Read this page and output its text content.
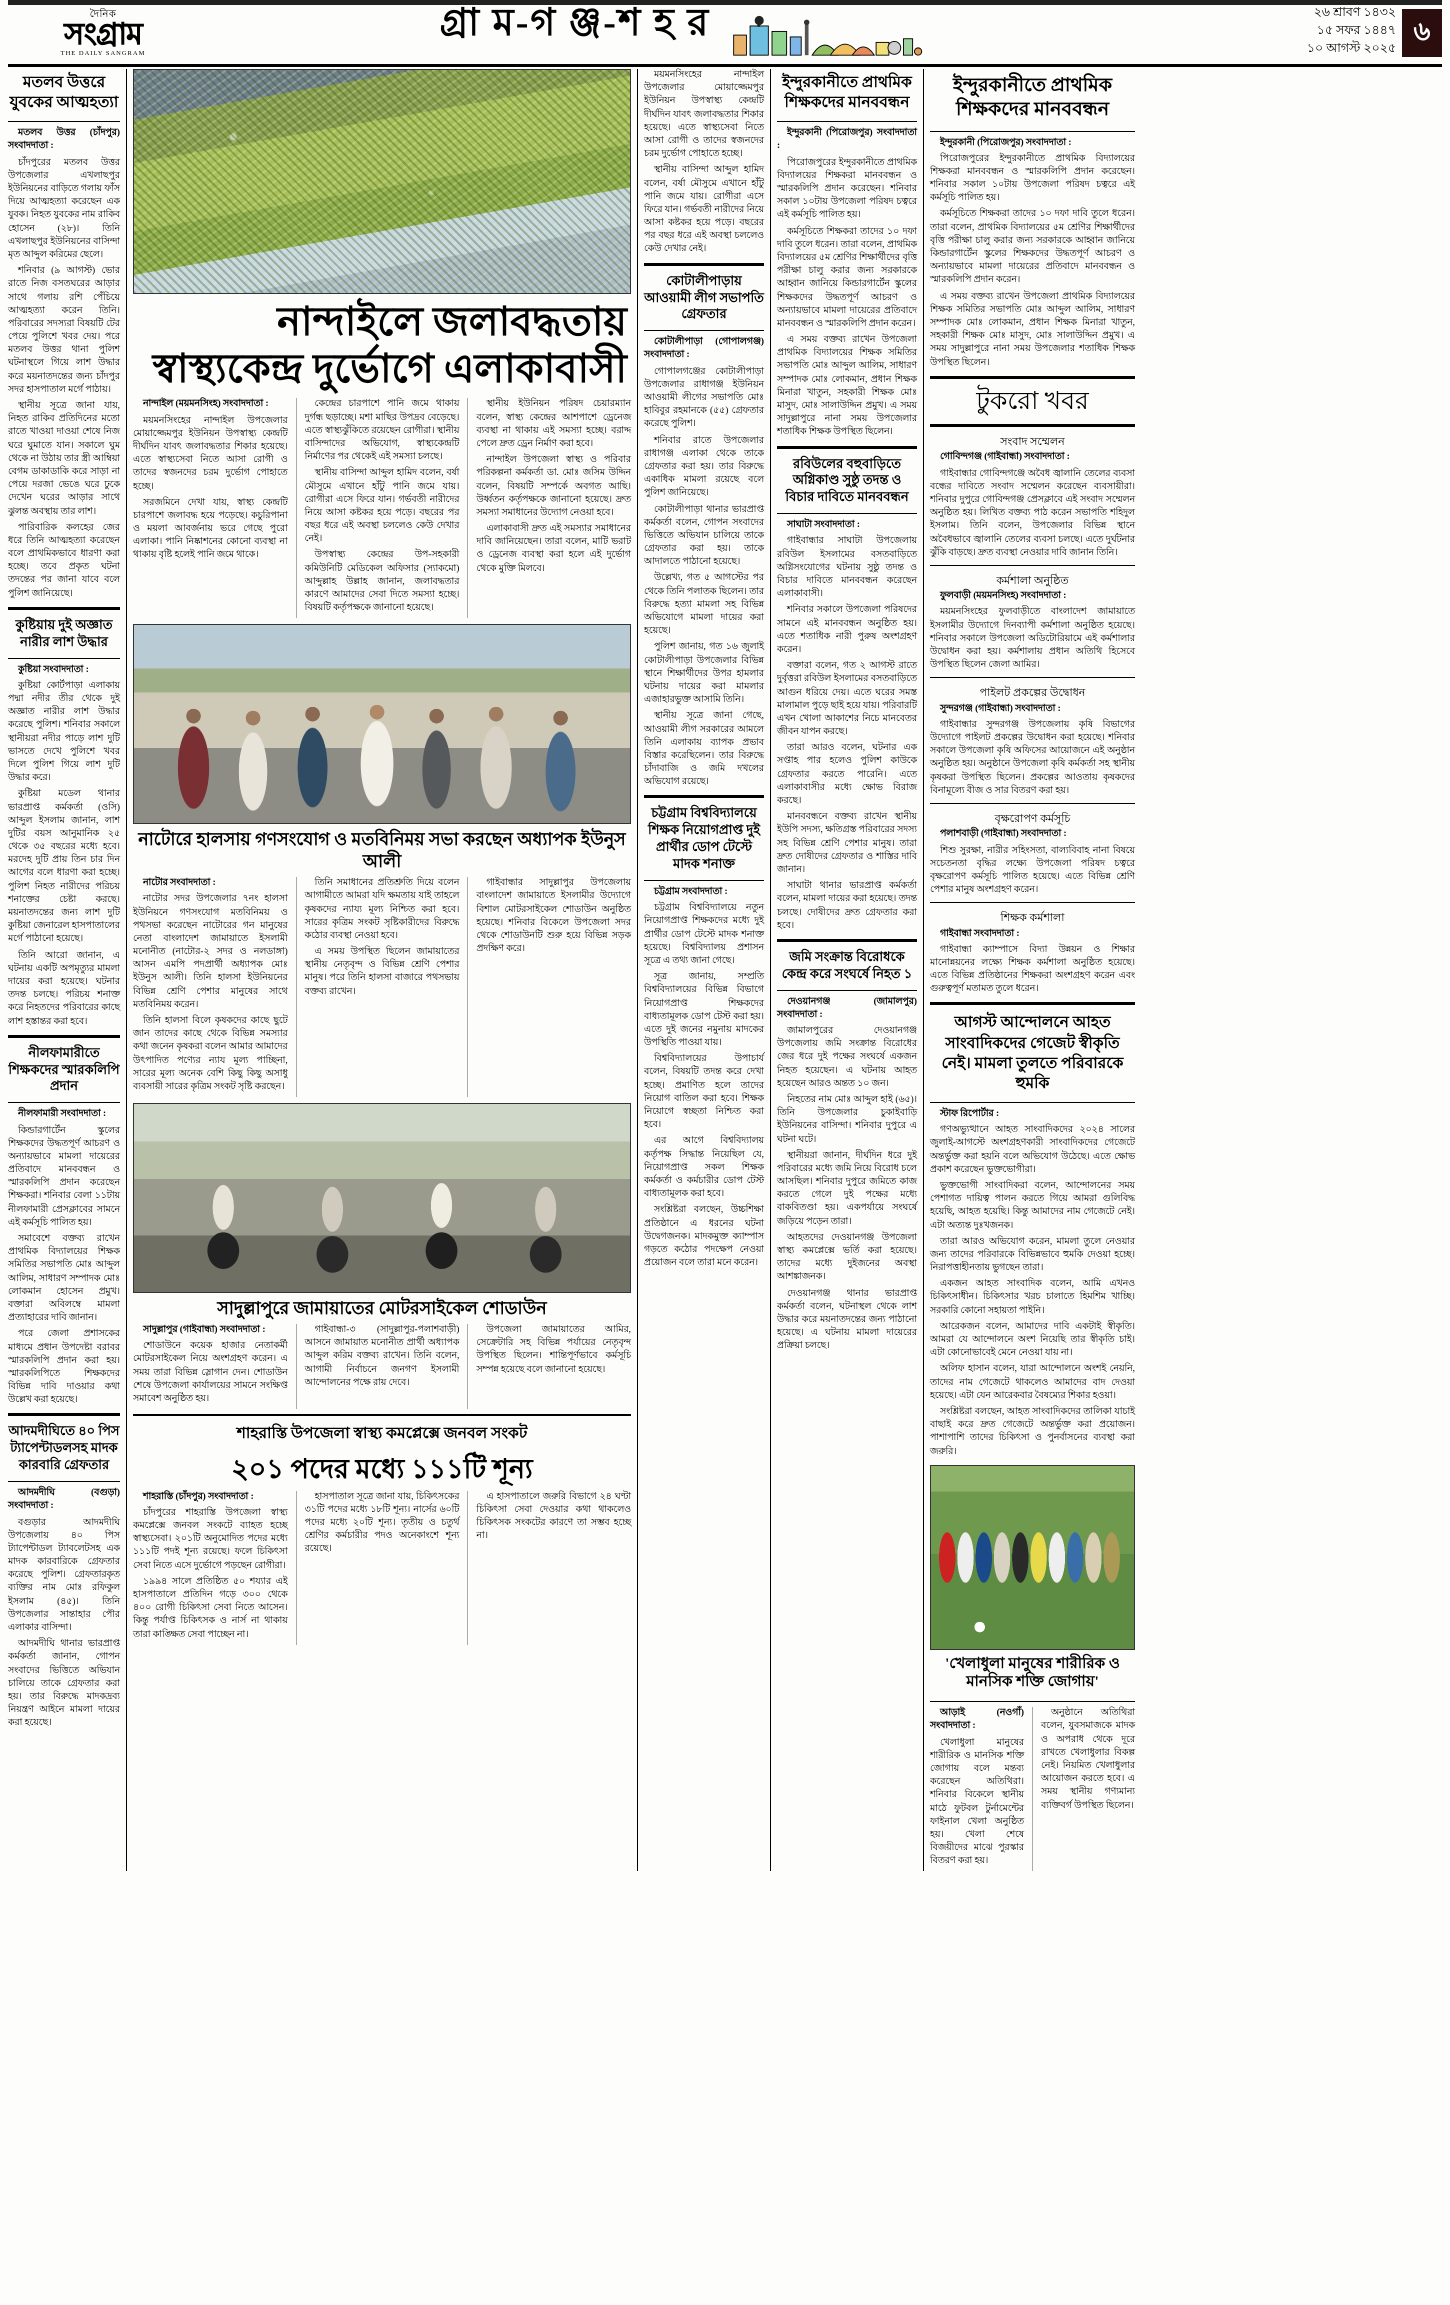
দৈনিক
সংগ্রাম
THE DAILY SANGRAM
গ্রা ম-গ ঞ্জ-শ হ র	২৬ শ্রাবণ ১৪৩২
১৫ সফর ১৪৪৭
১০ আগস্ট ২০২৫
৬
মতলব উত্তরে যুবকের আত্মহত্যা

মতলব উত্তর (চাঁদপুর) সংবাদদাতা :

চাঁদপুরের মতলব উত্তর উপজেলার এখলাছপুর ইউনিয়নের বাড়িতে গলায় ফাঁস দিয়ে আত্মহত্যা করেছেন এক যুবক। নিহত যুবকের নাম রাকিব হোসেন (২৮)। তিনি এখলাছপুর ইউনিয়নের বাসিন্দা মৃত আব্দুল করিমের ছেলে।

শনিবার (৯ আগস্ট) ভোর রাতে নিজ বসতঘরের আড়ার সাথে গলায় রশি পেঁচিয়ে আত্মহত্যা করেন তিনি। পরিবারের সদস্যরা বিষয়টি টের পেয়ে পুলিশে খবর দেয়। পরে মতলব উত্তর থানা পুলিশ ঘটনাস্থলে গিয়ে লাশ উদ্ধার করে ময়নাতদন্তের জন্য চাঁদপুর সদর হাসপাতাল মর্গে পাঠায়।

স্থানীয় সূত্রে জানা যায়, নিহত রাকিব প্রতিদিনের মতো রাতে খাওয়া দাওয়া শেষে নিজ ঘরে ঘুমাতে যান। সকালে ঘুম থেকে না উঠায় তার স্ত্রী আম্বিয়া বেগম ডাকাডাকি করে সাড়া না পেয়ে দরজা ভেঙে ঘরে ঢুকে দেখেন ঘরের আড়ার সাথে ঝুলন্ত অবস্থায় তার লাশ।

পারিবারিক কলহের জের ধরে তিনি আত্মহত্যা করেছেন বলে প্রাথমিকভাবে ধারণা করা হচ্ছে। তবে প্রকৃত ঘটনা তদন্তের পর জানা যাবে বলে পুলিশ জানিয়েছে।

কুষ্টিয়ায় দুই অজ্ঞাত নারীর লাশ উদ্ধার

কুষ্টিয়া সংবাদদাতা :

কুষ্টিয়া কোর্টপাড়া এলাকায় পদ্মা নদীর তীর থেকে দুই অজ্ঞাত নারীর লাশ উদ্ধার করেছে পুলিশ। শনিবার সকালে স্থানীয়রা নদীর পাড়ে লাশ দুটি ভাসতে দেখে পুলিশে খবর দিলে পুলিশ গিয়ে লাশ দুটি উদ্ধার করে।

কুষ্টিয়া মডেল থানার ভারপ্রাপ্ত কর্মকর্তা (ওসি) আব্দুল ইসলাম জানান, লাশ দুটির বয়স আনুমানিক ২৫ থেকে ৩৫ বছরের মধ্যে হবে। মরদেহ দুটি প্রায় তিন চার দিন আগের বলে ধারণা করা হচ্ছে। পুলিশ নিহত নারীদের পরিচয় শনাক্তের চেষ্টা করছে। ময়নাতদন্তের জন্য লাশ দুটি কুষ্টিয়া জেনারেল হাসপাতালের মর্গে পাঠানো হয়েছে।

তিনি আরো জানান, এ ঘটনায় একটি অপমৃত্যুর মামলা দায়ের করা হয়েছে। ঘটনার তদন্ত চলছে। পরিচয় শনাক্ত করে নিহতদের পরিবারের কাছে লাশ হস্তান্তর করা হবে।

নীলফামারীতে শিক্ষকদের স্মারকলিপি প্রদান

নীলফামারী সংবাদদাতা :

কিন্ডারগার্টেন স্কুলের শিক্ষকদের উদ্ধতপূর্ণ আচরণ ও অন্যায়ভাবে মামলা দায়েরের প্রতিবাদে মানববন্ধন ও স্মারকলিপি প্রদান করেছেন শিক্ষকরা। শনিবার বেলা ১১টায় নীলফামারী প্রেসক্লাবের সামনে এই কর্মসূচি পালিত হয়।

সমাবেশে বক্তব্য রাখেন প্রাথমিক বিদ্যালয়ের শিক্ষক সমিতির সভাপতি মোঃ আব্দুল আলিম, সাধারণ সম্পাদক মোঃ লোকমান হোসেন প্রমুখ। বক্তারা অবিলম্বে মামলা প্রত্যাহারের দাবি জানান।

পরে জেলা প্রশাসকের মাধ্যমে প্রধান উপদেষ্টা বরাবর স্মারকলিপি প্রদান করা হয়। স্মারকলিপিতে শিক্ষকদের বিভিন্ন দাবি দাওয়ার কথা উল্লেখ করা হয়েছে।

আদমদীঘিতে ৪০ পিস ট্যাপেন্টাডলসহ মাদক কারবারি গ্রেফতার

আদমদীঘি (বগুড়া) সংবাদদাতা :

বগুড়ার আদমদীঘি উপজেলায় ৪০ পিস ট্যাপেন্টাডল ট্যাবলেটসহ এক মাদক কারবারিকে গ্রেফতার করেছে পুলিশ। গ্রেফতারকৃত ব্যক্তির নাম মোঃ রফিকুল ইসলাম (৪৫)। তিনি উপজেলার সান্তাহার পৌর এলাকার বাসিন্দা।

আদমদীঘি থানার ভারপ্রাপ্ত কর্মকর্তা জানান, গোপন সংবাদের ভিত্তিতে অভিযান চালিয়ে তাকে গ্রেফতার করা হয়। তার বিরুদ্ধে মাদকদ্রব্য নিয়ন্ত্রণ আইনে মামলা দায়ের করা হয়েছে।

নান্দাইলে জলাবদ্ধতায় স্বাস্থ্যকেন্দ্র দুর্ভোগে এলাকাবাসী

নান্দাইল (ময়মনসিংহ) সংবাদদাতা :

ময়মনসিংহের নান্দাইল উপজেলার মোয়াজ্জেমপুর ইউনিয়ন উপস্বাস্থ্য কেন্দ্রটি দীর্ঘদিন যাবৎ জলাবদ্ধতার শিকার হয়েছে। এতে স্বাস্থ্যসেবা নিতে আসা রোগী ও তাদের স্বজনদের চরম দুর্ভোগ পোহাতে হচ্ছে।

সরজমিনে দেখা যায়, স্বাস্থ্য কেন্দ্রটি চারপাশে জলাবদ্ধ হয়ে পড়েছে। কচুরিপানা ও ময়লা আবর্জনায় ভরে গেছে পুরো এলাকা। পানি নিষ্কাশনের কোনো ব্যবস্থা না থাকায় বৃষ্টি হলেই পানি জমে থাকে।

কেন্দ্রের চারপাশে পানি জমে থাকায় দুর্গন্ধ ছড়াচ্ছে। মশা মাছির উপদ্রব বেড়েছে। এতে স্বাস্থ্যঝুঁকিতে রয়েছেন রোগীরা। স্থানীয় বাসিন্দাদের অভিযোগ, স্বাস্থ্যকেন্দ্রটি নির্মাণের পর থেকেই এই সমস্যা চলছে।

স্থানীয় বাসিন্দা আব্দুল হামিদ বলেন, বর্ষা মৌসুমে এখানে হাঁটু পানি জমে যায়। রোগীরা এসে ফিরে যান। গর্ভবতী নারীদের নিয়ে আসা কষ্টকর হয়ে পড়ে। বছরের পর বছর ধরে এই অবস্থা চললেও কেউ দেখার নেই।

উপস্বাস্থ্য কেন্দ্রের উপ-সহকারী কমিউনিটি মেডিকেল অফিসার (স্যাকমো) আব্দুল্লাহ উল্লাহ জানান, জলাবদ্ধতার কারণে আমাদের সেবা দিতে সমস্যা হচ্ছে। বিষয়টি কর্তৃপক্ষকে জানানো হয়েছে।

স্থানীয় ইউনিয়ন পরিষদ চেয়ারম্যান বলেন, স্বাস্থ্য কেন্দ্রের আশপাশে ড্রেনেজ ব্যবস্থা না থাকায় এই সমস্যা হচ্ছে। বরাদ্দ পেলে দ্রুত ড্রেন নির্মাণ করা হবে।

নান্দাইল উপজেলা স্বাস্থ্য ও পরিবার পরিকল্পনা কর্মকর্তা ডা. মোঃ জসিম উদ্দিন বলেন, বিষয়টি সম্পর্কে অবগত আছি। উর্ধ্বতন কর্তৃপক্ষকে জানানো হয়েছে। দ্রুত সমস্যা সমাধানের উদ্যোগ নেওয়া হবে।

এলাকাবাসী দ্রুত এই সমস্যার সমাধানের দাবি জানিয়েছেন। তারা বলেন, মাটি ভরাট ও ড্রেনেজ ব্যবস্থা করা হলে এই দুর্ভোগ থেকে মুক্তি মিলবে।

নাটোরে হালসায় গণসংযোগ ও মতবিনিময় সভা করছেন অধ্যাপক ইউনুস আলী

নাটোর সংবাদদাতা :

নাটোর সদর উপজেলার ৭নং হালসা ইউনিয়নে গণসংযোগ মতবিনিময় ও পথসভা করেছেন নাটোরের গন মানুষের নেতা বাংলাদেশ জামায়াতে ইসলামী মনোনীত (নাটোর-২ সদর ও নলডাঙ্গা) আসন এমপি পদপ্রার্থী অধ্যাপক মোঃ ইউনুস আলী। তিনি হালসা ইউনিয়নের বিভিন্ন শ্রেণি পেশার মানুষের সাথে মতবিনিময় করেন।

তিনি হালসা বিলে কৃষকদের কাছে ছুটে জান তাদের কাছে থেকে বিভিন্ন সমস্যার কথা জনেন কৃষকরা বলেন আমার আমাদের উৎপাদিত পণ্যের ন্যায মূল্য পাচ্ছিনা, সারের মূল্য অনেক বেশি কিছু কিছু অসাধু ব্যবসায়ী সারের কৃত্রিম সংকট সৃষ্টি করছেন।

তিনি সমাধানের প্রতিশ্রুতি দিয়ে বলেন আগামীতে আমরা যদি ক্ষমতায় যাই তাহলে কৃষকদের ন্যায্য মূল্য নিশ্চিত করা হবে। সারের কৃত্রিম সংকট সৃষ্টিকারীদের বিরুদ্ধে কঠোর ব্যবস্থা নেওয়া হবে।

এ সময় উপস্থিত ছিলেন জামায়াতের স্থানীয় নেতৃবৃন্দ ও বিভিন্ন শ্রেণি পেশার মানুষ। পরে তিনি হালসা বাজারে পথসভায় বক্তব্য রাখেন।

গাইবান্ধার সাদুল্লাপুর উপজেলায় বাংলাদেশ জামায়াতে ইসলামীর উদ্যোগে বিশাল মোটরসাইকেল শোডাউন অনুষ্ঠিত হয়েছে। শনিবার বিকেলে উপজেলা সদর থেকে শোডাউনটি শুরু হয়ে বিভিন্ন সড়ক প্রদক্ষিণ করে।

সাদুল্লাপুরে জামায়াতের মোটরসাইকেল শোডাউন

সাদুল্লাপুর (গাইবান্ধা) সংবাদদাতা :

শোডাউনে কয়েক হাজার নেতাকর্মী মোটরসাইকেল নিয়ে অংশগ্রহণ করেন। এ সময় তারা বিভিন্ন স্লোগান দেন। শোডাউন শেষে উপজেলা কার্যালয়ের সামনে সংক্ষিপ্ত সমাবেশ অনুষ্ঠিত হয়।

গাইবান্ধা-৩ (সাদুল্লাপুর-পলাশবাড়ী) আসনে জামায়াত মনোনীত প্রার্থী অধ্যাপক আব্দুল করিম বক্তব্য রাখেন। তিনি বলেন, আগামী নির্বাচনে জনগণ ইসলামী আন্দোলনের পক্ষে রায় দেবে।

উপজেলা জামায়াতের আমির, সেক্রেটারি সহ বিভিন্ন পর্যায়ের নেতৃবৃন্দ উপস্থিত ছিলেন। শান্তিপূর্ণভাবে কর্মসূচি সম্পন্ন হয়েছে বলে জানানো হয়েছে।

শাহরাস্তি উপজেলা স্বাস্থ্য কমপ্লেক্সে জনবল সংকট
২০১ পদের মধ্যে ১১১টি শূন্য

শাহরাস্তি (চাঁদপুর) সংবাদদাতা :

চাঁদপুরের শাহরাস্তি উপজেলা স্বাস্থ্য কমপ্লেক্সে জনবল সংকটে ব্যাহত হচ্ছে স্বাস্থ্যসেবা। ২০১টি অনুমোদিত পদের মধ্যে ১১১টি পদই শূন্য রয়েছে। ফলে চিকিৎসা সেবা নিতে এসে দুর্ভোগে পড়ছেন রোগীরা।

১৯৯৪ সালে প্রতিষ্ঠিত ৫০ শয্যার এই হাসপাতালে প্রতিদিন গড়ে ৩০০ থেকে ৪০০ রোগী চিকিৎসা সেবা নিতে আসেন। কিন্তু পর্যাপ্ত চিকিৎসক ও নার্স না থাকায় তারা কাঙ্ক্ষিত সেবা পাচ্ছেন না।

হাসপাতাল সূত্রে জানা যায়, চিকিৎসকের ৩১টি পদের মধ্যে ১৮টি শূন্য। নার্সের ৬০টি পদের মধ্যে ২০টি শূন্য। তৃতীয় ও চতুর্থ শ্রেণির কর্মচারীর পদও অনেকাংশে শূন্য রয়েছে।

এ হাসপাতালে জরুরি বিভাগে ২৪ ঘণ্টা চিকিৎসা সেবা দেওয়ার কথা থাকলেও চিকিৎসক সংকটের কারণে তা সম্ভব হচ্ছে না।

ময়মনসিংহের নান্দাইল উপজেলার মোয়াজ্জেমপুর ইউনিয়ন উপস্বাস্থ্য কেন্দ্রটি দীর্ঘদিন যাবৎ জলাবদ্ধতার শিকার হয়েছে। এতে স্বাস্থ্যসেবা নিতে আসা রোগী ও তাদের স্বজনদের চরম দুর্ভোগ পোহাতে হচ্ছে।

স্থানীয় বাসিন্দা আব্দুল হামিদ বলেন, বর্ষা মৌসুমে এখানে হাঁটু পানি জমে যায়। রোগীরা এসে ফিরে যান। গর্ভবতী নারীদের নিয়ে আসা কষ্টকর হয়ে পড়ে। বছরের পর বছর ধরে এই অবস্থা চললেও কেউ দেখার নেই।

কোটালীপাড়ায় আওয়ামী লীগ সভাপতি গ্রেফতার

কোটালীপাড়া (গোপালগঞ্জ) সংবাদদাতা :

গোপালগঞ্জের কোটালীপাড়া উপজেলার রাধাগঞ্জ ইউনিয়ন আওয়ামী লীগের সভাপতি মোঃ হাবিবুর রহমানকে (৫৫) গ্রেফতার করেছে পুলিশ।

শনিবার রাতে উপজেলার রাধাগঞ্জ এলাকা থেকে তাকে গ্রেফতার করা হয়। তার বিরুদ্ধে একাধিক মামলা রয়েছে বলে পুলিশ জানিয়েছে।

কোটালীপাড়া থানার ভারপ্রাপ্ত কর্মকর্তা বলেন, গোপন সংবাদের ভিত্তিতে অভিযান চালিয়ে তাকে গ্রেফতার করা হয়। তাকে আদালতে পাঠানো হয়েছে।

উল্লেখ্য, গত ৫ আগস্টের পর থেকে তিনি পলাতক ছিলেন। তার বিরুদ্ধে হত্যা মামলা সহ বিভিন্ন অভিযোগে মামলা দায়ের করা হয়েছে।

পুলিশ জানায়, গত ১৬ জুলাই কোটালীপাড়া উপজেলার বিভিন্ন স্থানে শিক্ষার্থীদের উপর হামলার ঘটনায় দায়ের করা মামলার এজাহারভুক্ত আসামি তিনি।

স্থানীয় সূত্রে জানা গেছে, আওয়ামী লীগ সরকারের আমলে তিনি এলাকায় ব্যাপক প্রভাব বিস্তার করেছিলেন। তার বিরুদ্ধে চাঁদাবাজি ও জমি দখলের অভিযোগ রয়েছে।

চট্টগ্রাম বিশ্ববিদ্যালয়ে শিক্ষক নিয়োগপ্রাপ্ত দুই প্রার্থীর ডোপ টেস্টে মাদক শনাক্ত

চট্টগ্রাম সংবাদদাতা :

চট্টগ্রাম বিশ্ববিদ্যালয়ে নতুন নিয়োগপ্রাপ্ত শিক্ষকদের মধ্যে দুই প্রার্থীর ডোপ টেস্টে মাদক শনাক্ত হয়েছে। বিশ্ববিদ্যালয় প্রশাসন সূত্রে এ তথ্য জানা গেছে।

সূত্র জানায়, সম্প্রতি বিশ্ববিদ্যালয়ের বিভিন্ন বিভাগে নিয়োগপ্রাপ্ত শিক্ষকদের বাধ্যতামূলক ডোপ টেস্ট করা হয়। এতে দুই জনের নমুনায় মাদকের উপস্থিতি পাওয়া যায়।

বিশ্ববিদ্যালয়ের উপাচার্য বলেন, বিষয়টি তদন্ত করে দেখা হচ্ছে। প্রমাণিত হলে তাদের নিয়োগ বাতিল করা হবে। শিক্ষক নিয়োগে স্বচ্ছতা নিশ্চিত করা হবে।

এর আগে বিশ্ববিদ্যালয় কর্তৃপক্ষ সিদ্ধান্ত নিয়েছিল যে, নিয়োগপ্রাপ্ত সকল শিক্ষক কর্মকর্তা ও কর্মচারীর ডোপ টেস্ট বাধ্যতামূলক করা হবে।

সংশ্লিষ্টরা বলছেন, উচ্চশিক্ষা প্রতিষ্ঠানে এ ধরনের ঘটনা উদ্বেগজনক। মাদকমুক্ত ক্যাম্পাস গড়তে কঠোর পদক্ষেপ নেওয়া প্রয়োজন বলে তারা মনে করেন।

ইন্দুরকানীতে প্রাথমিক শিক্ষকদের মানববন্ধন

ইন্দুরকানী (পিরোজপুর) সংবাদদাতা :

পিরোজপুরের ইন্দুরকানীতে প্রাথমিক বিদ্যালয়ের শিক্ষকরা মানববন্ধন ও স্মারকলিপি প্রদান করেছেন। শনিবার সকাল ১০টায় উপজেলা পরিষদ চত্বরে এই কর্মসূচি পালিত হয়।

কর্মসূচিতে শিক্ষকরা তাদের ১০ দফা দাবি তুলে ধরেন। তারা বলেন, প্রাথমিক বিদ্যালয়ের ৫ম শ্রেণির শিক্ষার্থীদের বৃত্তি পরীক্ষা চালু করার জন্য সরকারকে আহ্বান জানিয়ে কিন্ডারগার্টেন স্কুলের শিক্ষকদের উদ্ধতপূর্ণ আচরণ ও অন্যায়ভাবে মামলা দায়েরের প্রতিবাদে মানববন্ধন ও স্মারকলিপি প্রদান করেন।

এ সময় বক্তব্য রাখেন উপজেলা প্রাথমিক বিদ্যালয়ের শিক্ষক সমিতির সভাপতি মোঃ আব্দুল আলিম, সাধারণ সম্পাদক মোঃ লোকমান, প্রধান শিক্ষক মিনারা খাতুন, সহকারী শিক্ষক মোঃ মাসুদ, মোঃ সালাউদ্দিন প্রমুখ। এ সময় সাদুল্লাপুরে নানা সময় উপজেলার শতাধিক শিক্ষক উপস্থিত ছিলেন।

রবিউলের বহুবাড়িতে অগ্নিকাণ্ড সুষ্ঠু তদন্ত ও বিচার দাবিতে মানববন্ধন

সাঘাটা সংবাদদাতা :

গাইবান্ধার সাঘাটা উপজেলায় রবিউল ইসলামের বসতবাড়িতে অগ্নিসংযোগের ঘটনায় সুষ্ঠু তদন্ত ও বিচার দাবিতে মানববন্ধন করেছেন এলাকাবাসী।

শনিবার সকালে উপজেলা পরিষদের সামনে এই মানববন্ধন অনুষ্ঠিত হয়। এতে শতাধিক নারী পুরুষ অংশগ্রহণ করেন।

বক্তারা বলেন, গত ২ আগস্ট রাতে দুর্বৃত্তরা রবিউল ইসলামের বসতবাড়িতে আগুন ধরিয়ে দেয়। এতে ঘরের সমস্ত মালামাল পুড়ে ছাই হয়ে যায়। পরিবারটি এখন খোলা আকাশের নিচে মানবেতর জীবন যাপন করছে।

তারা আরও বলেন, ঘটনার এক সপ্তাহ পার হলেও পুলিশ কাউকে গ্রেফতার করতে পারেনি। এতে এলাকাবাসীর মধ্যে ক্ষোভ বিরাজ করছে।

মানববন্ধনে বক্তব্য রাখেন স্থানীয় ইউপি সদস্য, ক্ষতিগ্রস্ত পরিবারের সদস্য সহ বিভিন্ন শ্রেণি পেশার মানুষ। তারা দ্রুত দোষীদের গ্রেফতার ও শাস্তির দাবি জানান।

সাঘাটা থানার ভারপ্রাপ্ত কর্মকর্তা বলেন, মামলা দায়ের করা হয়েছে। তদন্ত চলছে। দোষীদের দ্রুত গ্রেফতার করা হবে।

জমি সংক্রান্ত বিরোধকে কেন্দ্র করে সংঘর্ষে নিহত ১

দেওয়ানগঞ্জ (জামালপুর) সংবাদদাতা :

জামালপুরের দেওয়ানগঞ্জ উপজেলায় জমি সংক্রান্ত বিরোধের জের ধরে দুই পক্ষের সংঘর্ষে একজন নিহত হয়েছেন। এ ঘটনায় আহত হয়েছেন আরও অন্তত ১০ জন।

নিহতের নাম মোঃ আব্দুল হাই (৬৫)। তিনি উপজেলার চুকাইবাড়ি ইউনিয়নের বাসিন্দা। শনিবার দুপুরে এ ঘটনা ঘটে।

স্থানীয়রা জানান, দীর্ঘদিন ধরে দুই পরিবারের মধ্যে জমি নিয়ে বিরোধ চলে আসছিল। শনিবার দুপুরে জমিতে কাজ করতে গেলে দুই পক্ষের মধ্যে বাকবিতণ্ডা হয়। একপর্যায়ে সংঘর্ষে জড়িয়ে পড়েন তারা।

আহতদের দেওয়ানগঞ্জ উপজেলা স্বাস্থ্য কমপ্লেক্সে ভর্তি করা হয়েছে। তাদের মধ্যে দুইজনের অবস্থা আশঙ্কাজনক।

দেওয়ানগঞ্জ থানার ভারপ্রাপ্ত কর্মকর্তা বলেন, ঘটনাস্থল থেকে লাশ উদ্ধার করে ময়নাতদন্তের জন্য পাঠানো হয়েছে। এ ঘটনায় মামলা দায়েরের প্রক্রিয়া চলছে।

ইন্দুরকানীতে প্রাথমিক শিক্ষকদের মানববন্ধন

ইন্দুরকানী (পিরোজপুর) সংবাদদাতা :

পিরোজপুরের ইন্দুরকানীতে প্রাথমিক বিদ্যালয়ের শিক্ষকরা মানববন্ধন ও স্মারকলিপি প্রদান করেছেন। শনিবার সকাল ১০টায় উপজেলা পরিষদ চত্বরে এই কর্মসূচি পালিত হয়।

কর্মসূচিতে শিক্ষকরা তাদের ১০ দফা দাবি তুলে ধরেন। তারা বলেন, প্রাথমিক বিদ্যালয়ের ৫ম শ্রেণির শিক্ষার্থীদের বৃত্তি পরীক্ষা চালু করার জন্য সরকারকে আহ্বান জানিয়ে কিন্ডারগার্টেন স্কুলের শিক্ষকদের উদ্ধতপূর্ণ আচরণ ও অন্যায়ভাবে মামলা দায়েরের প্রতিবাদে মানববন্ধন ও স্মারকলিপি প্রদান করেন।

এ সময় বক্তব্য রাখেন উপজেলা প্রাথমিক বিদ্যালয়ের শিক্ষক সমিতির সভাপতি মোঃ আব্দুল আলিম, সাধারণ সম্পাদক মোঃ লোকমান, প্রধান শিক্ষক মিনারা খাতুন, সহকারী শিক্ষক মোঃ মাসুদ, মোঃ সালাউদ্দিন প্রমুখ। এ সময় সাদুল্লাপুরে নানা সময় উপজেলার শতাধিক শিক্ষক উপস্থিত ছিলেন।

টুকরো খবর
সংবাদ সম্মেলন

গোবিন্দগঞ্জ (গাইবান্ধা) সংবাদদাতা :

গাইবান্ধার গোবিন্দগঞ্জে অবৈধ জ্বালানি তেলের ব্যবসা বন্ধের দাবিতে সংবাদ সম্মেলন করেছেন ব্যবসায়ীরা। শনিবার দুপুরে গোবিন্দগঞ্জ প্রেসক্লাবে এই সংবাদ সম্মেলন অনুষ্ঠিত হয়। লিখিত বক্তব্য পাঠ করেন সভাপতি শহিদুল ইসলাম। তিনি বলেন, উপজেলার বিভিন্ন স্থানে অবৈধভাবে জ্বালানি তেলের ব্যবসা চলছে। এতে দুর্ঘটনার ঝুঁকি বাড়ছে। দ্রুত ব্যবস্থা নেওয়ার দাবি জানান তিনি।

কর্মশালা অনুষ্ঠিত

ফুলবাড়ী (ময়মনসিংহ) সংবাদদাতা :

ময়মনসিংহের ফুলবাড়ীতে বাংলাদেশ জামায়াতে ইসলামীর উদ্যোগে দিনব্যাপী কর্মশালা অনুষ্ঠিত হয়েছে। শনিবার সকালে উপজেলা অডিটোরিয়ামে এই কর্মশালার উদ্বোধন করা হয়। কর্মশালায় প্রধান অতিথি হিসেবে উপস্থিত ছিলেন জেলা আমির।

পাইলট প্রকল্পের উদ্বোধন

সুন্দরগঞ্জ (গাইবান্ধা) সংবাদদাতা :

গাইবান্ধার সুন্দরগঞ্জ উপজেলায় কৃষি বিভাগের উদ্যোগে পাইলট প্রকল্পের উদ্বোধন করা হয়েছে। শনিবার সকালে উপজেলা কৃষি অফিসের আয়োজনে এই অনুষ্ঠান অনুষ্ঠিত হয়। অনুষ্ঠানে উপজেলা কৃষি কর্মকর্তা সহ স্থানীয় কৃষকরা উপস্থিত ছিলেন। প্রকল্পের আওতায় কৃষকদের বিনামূল্যে বীজ ও সার বিতরণ করা হয়।

বৃক্ষরোপণ কর্মসূচি

পলাশবাড়ী (গাইবান্ধা) সংবাদদাতা :

শিশু সুরক্ষা, নারীর সহিংসতা, বাল্যবিবাহ নানা বিষয়ে সচেতনতা বৃদ্ধির লক্ষ্যে উপজেলা পরিষদ চত্বরে বৃক্ষরোপণ কর্মসূচি পালিত হয়েছে। এতে বিভিন্ন শ্রেণি পেশার মানুষ অংশগ্রহণ করেন।

শিক্ষক কর্মশালা

গাইবান্ধা সংবাদদাতা :

গাইবান্ধা ক্যাম্পাসে বিদ্যা উন্নয়ন ও শিক্ষার মানোন্নয়নের লক্ষ্যে শিক্ষক কর্মশালা অনুষ্ঠিত হয়েছে। এতে বিভিন্ন প্রতিষ্ঠানের শিক্ষকরা অংশগ্রহণ করেন এবং গুরুত্বপূর্ণ মতামত তুলে ধরেন।

আগস্ট আন্দোলনে আহত সাংবাদিকদের গেজেট স্বীকৃতি নেই। মামলা তুলতে পরিবারকে হুমকি

স্টাফ রিপোর্টার :

গণঅভ্যুত্থানে আহত সাংবাদিকদের ২০২৪ সালের জুলাই-আগস্টে অংশগ্রহণকারী সাংবাদিকদের গেজেটে অন্তর্ভুক্ত করা হয়নি বলে অভিযোগ উঠেছে। এতে ক্ষোভ প্রকাশ করেছেন ভুক্তভোগীরা।

ভুক্তভোগী সাংবাদিকরা বলেন, আন্দোলনের সময় পেশাগত দায়িত্ব পালন করতে গিয়ে আমরা গুলিবিদ্ধ হয়েছি, আহত হয়েছি। কিন্তু আমাদের নাম গেজেটে নেই। এটা অত্যন্ত দুঃখজনক।

তারা আরও অভিযোগ করেন, মামলা তুলে নেওয়ার জন্য তাদের পরিবারকে বিভিন্নভাবে হুমকি দেওয়া হচ্ছে। নিরাপত্তাহীনতায় ভুগছেন তারা।

একজন আহত সাংবাদিক বলেন, আমি এখনও চিকিৎসাধীন। চিকিৎসার খরচ চালাতে হিমশিম খাচ্ছি। সরকারি কোনো সহায়তা পাইনি।

আরেকজন বলেন, আমাদের দাবি একটাই স্বীকৃতি। আমরা যে আন্দোলনে অংশ নিয়েছি তার স্বীকৃতি চাই। এটা কোনোভাবেই মেনে নেওয়া যায় না।

অলিফ হাসান বলেন, যারা আন্দোলনে অংশই নেয়নি, তাদের নাম গেজেটে থাকলেও আমাদের বাদ দেওয়া হয়েছে। এটা যেন আরেকবার বৈষম্যের শিকার হওয়া।

সংশ্লিষ্টরা বলছেন, আহত সাংবাদিকদের তালিকা যাচাই বাছাই করে দ্রুত গেজেটে অন্তর্ভুক্ত করা প্রয়োজন। পাশাপাশি তাদের চিকিৎসা ও পুনর্বাসনের ব্যবস্থা করা জরুরি।

'খেলাধুলা মানুষের শারীরিক ও মানসিক শক্তি জোগায়'

আড়াই (নওগাঁ) সংবাদদাতা :

খেলাধুলা মানুষের শারীরিক ও মানসিক শক্তি জোগায় বলে মন্তব্য করেছেন অতিথিরা। শনিবার বিকেলে স্থানীয় মাঠে ফুটবল টুর্নামেন্টের ফাইনাল খেলা অনুষ্ঠিত হয়। খেলা শেষে বিজয়ীদের মাঝে পুরস্কার বিতরণ করা হয়।

অনুষ্ঠানে অতিথিরা বলেন, যুবসমাজকে মাদক ও অপরাধ থেকে দূরে রাখতে খেলাধুলার বিকল্প নেই। নিয়মিত খেলাধুলার আয়োজন করতে হবে। এ সময় স্থানীয় গণ্যমান্য ব্যক্তিবর্গ উপস্থিত ছিলেন।
